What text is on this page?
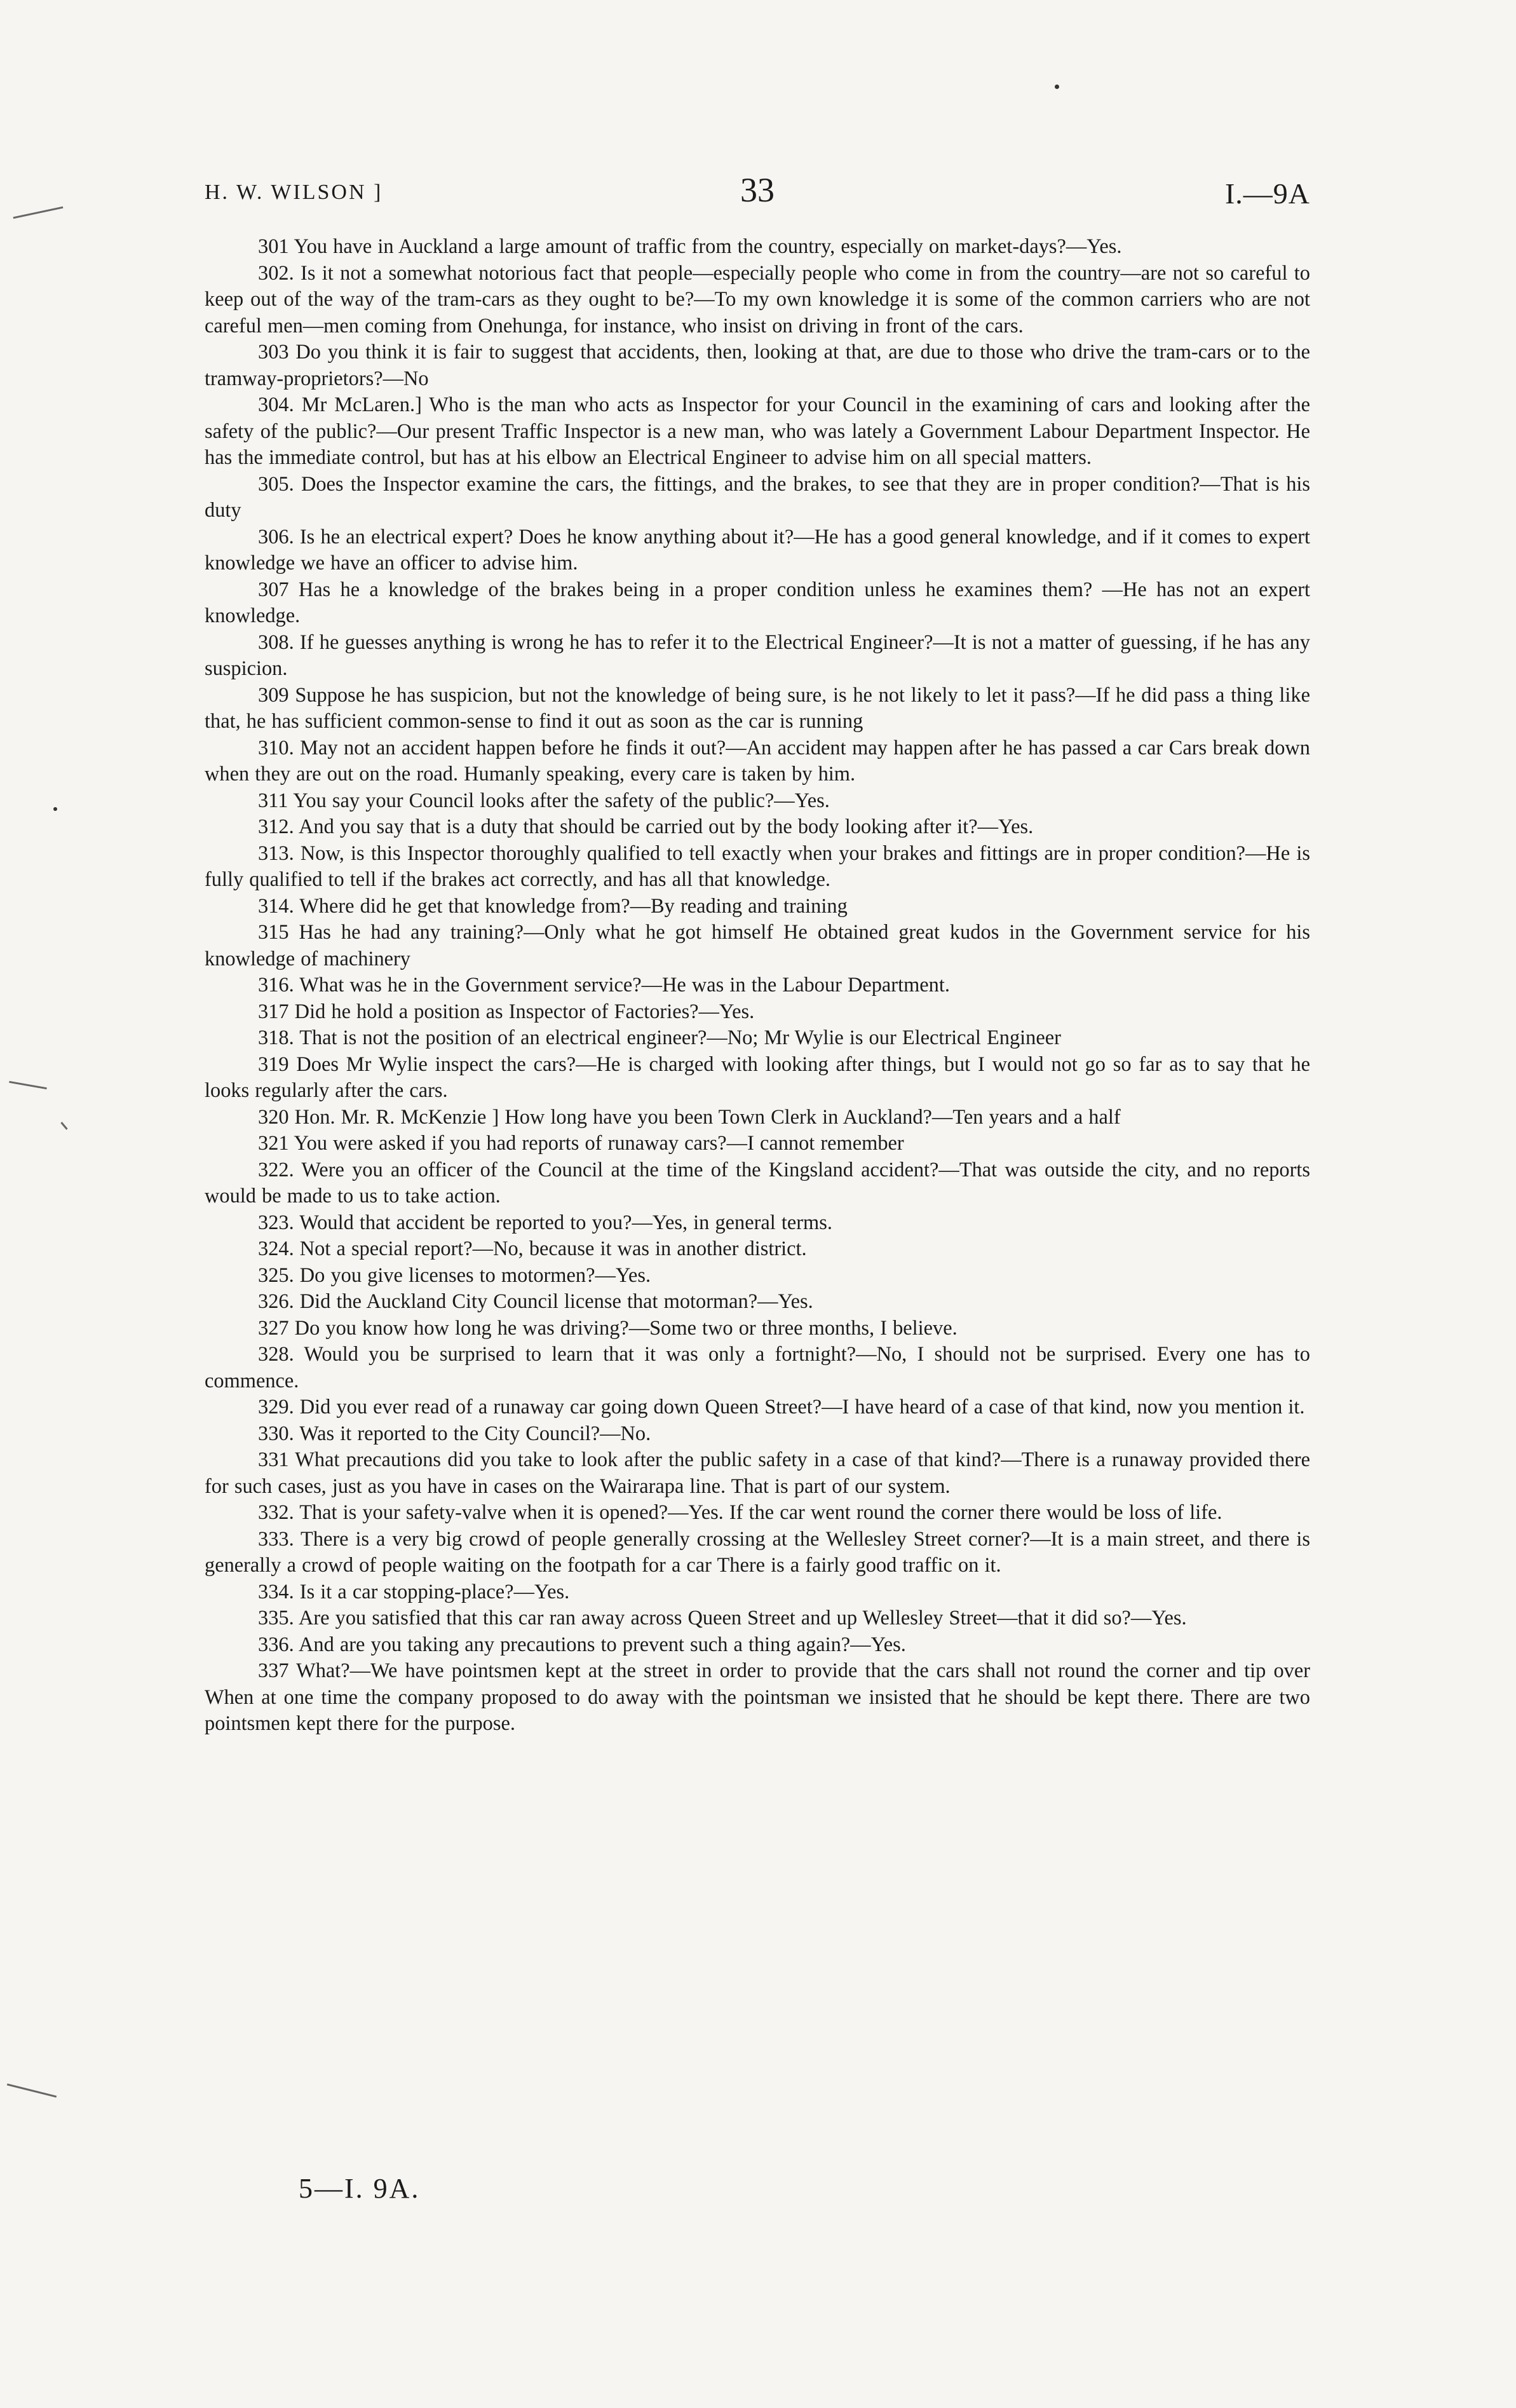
H. W. WILSON ]	33	I.—9A

301 You have in Auckland a large amount of traffic from the country, especially on market-days?—Yes.

302. Is it not a somewhat notorious fact that people—especially people who come in from the country—are not so careful to keep out of the way of the tram-cars as they ought to be?—To my own knowledge it is some of the common carriers who are not careful men—men coming from Onehunga, for instance, who insist on driving in front of the cars.

303 Do you think it is fair to suggest that accidents, then, looking at that, are due to those who drive the tram-cars or to the tramway-proprietors?—No

304. Mr McLaren.] Who is the man who acts as Inspector for your Council in the examining of cars and looking after the safety of the public?—Our present Traffic Inspector is a new man, who was lately a Government Labour Department Inspector. He has the immediate control, but has at his elbow an Electrical Engineer to advise him on all special matters.

305. Does the Inspector examine the cars, the fittings, and the brakes, to see that they are in proper condition?—That is his duty

306. Is he an electrical expert? Does he know anything about it?—He has a good general knowledge, and if it comes to expert knowledge we have an officer to advise him.

307 Has he a knowledge of the brakes being in a proper condition unless he examines them? —He has not an expert knowledge.

308. If he guesses anything is wrong he has to refer it to the Electrical Engineer?—It is not a matter of guessing, if he has any suspicion.

309 Suppose he has suspicion, but not the knowledge of being sure, is he not likely to let it pass?—If he did pass a thing like that, he has sufficient common-sense to find it out as soon as the car is running

310. May not an accident happen before he finds it out?—An accident may happen after he has passed a car Cars break down when they are out on the road. Humanly speaking, every care is taken by him.

311 You say your Council looks after the safety of the public?—Yes.

312. And you say that is a duty that should be carried out by the body looking after it?—Yes.

313. Now, is this Inspector thoroughly qualified to tell exactly when your brakes and fittings are in proper condition?—He is fully qualified to tell if the brakes act correctly, and has all that knowledge.

314. Where did he get that knowledge from?—By reading and training

315 Has he had any training?—Only what he got himself He obtained great kudos in the Government service for his knowledge of machinery

316. What was he in the Government service?—He was in the Labour Department.

317 Did he hold a position as Inspector of Factories?—Yes.

318. That is not the position of an electrical engineer?—No; Mr Wylie is our Electrical Engineer

319 Does Mr Wylie inspect the cars?—He is charged with looking after things, but I would not go so far as to say that he looks regularly after the cars.

320 Hon. Mr. R. McKenzie ] How long have you been Town Clerk in Auckland?—Ten years and a half

321 You were asked if you had reports of runaway cars?—I cannot remember

322. Were you an officer of the Council at the time of the Kingsland accident?—That was outside the city, and no reports would be made to us to take action.

323. Would that accident be reported to you?—Yes, in general terms.

324. Not a special report?—No, because it was in another district.

325. Do you give licenses to motormen?—Yes.

326. Did the Auckland City Council license that motorman?—Yes.

327 Do you know how long he was driving?—Some two or three months, I believe.

328. Would you be surprised to learn that it was only a fortnight?—No, I should not be surprised. Every one has to commence.

329. Did you ever read of a runaway car going down Queen Street?—I have heard of a case of that kind, now you mention it.

330. Was it reported to the City Council?—No.

331 What precautions did you take to look after the public safety in a case of that kind?—There is a runaway provided there for such cases, just as you have in cases on the Wairarapa line. That is part of our system.

332. That is your safety-valve when it is opened?—Yes. If the car went round the corner there would be loss of life.

333. There is a very big crowd of people generally crossing at the Wellesley Street corner?—It is a main street, and there is generally a crowd of people waiting on the footpath for a car There is a fairly good traffic on it.

334. Is it a car stopping-place?—Yes.

335. Are you satisfied that this car ran away across Queen Street and up Wellesley Street—that it did so?—Yes.

336. And are you taking any precautions to prevent such a thing again?—Yes.

337 What?—We have pointsmen kept at the street in order to provide that the cars shall not round the corner and tip over When at one time the company proposed to do away with the pointsman we insisted that he should be kept there. There are two pointsmen kept there for the purpose.

5—I. 9A.
